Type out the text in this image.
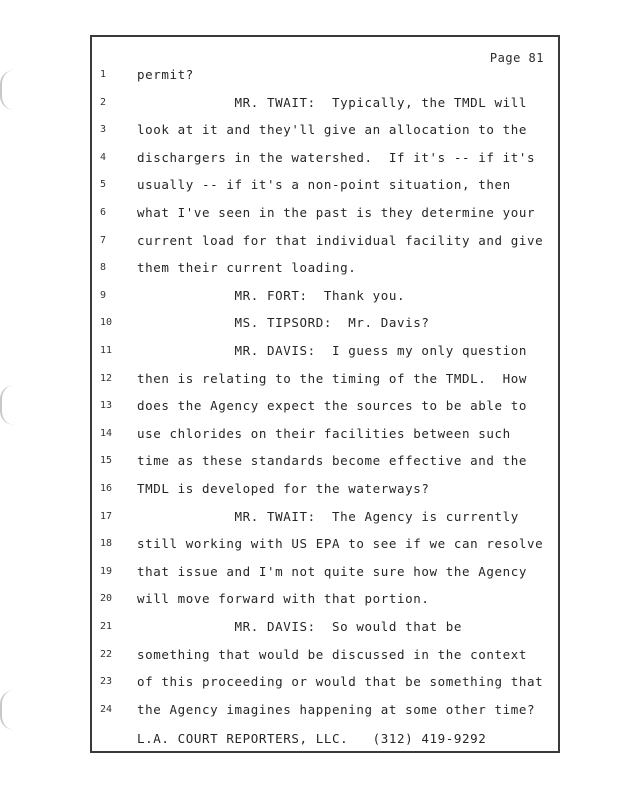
Page 81
1	permit?
2	MR. TWAIT:  Typically, the TMDL will
3	look at it and they'll give an allocation to the
4	dischargers in the watershed.  If it's -- if it's
5	usually -- if it's a non-point situation, then
6	what I've seen in the past is they determine your
7	current load for that individual facility and give
8	them their current loading.
9	MR. FORT:  Thank you.
10	MS. TIPSORD:  Mr. Davis?
11	MR. DAVIS:  I guess my only question
12	then is relating to the timing of the TMDL.  How
13	does the Agency expect the sources to be able to
14	use chlorides on their facilities between such
15	time as these standards become effective and the
16	TMDL is developed for the waterways?
17	MR. TWAIT:  The Agency is currently
18	still working with US EPA to see if we can resolve
19	that issue and I'm not quite sure how the Agency
20	will move forward with that portion.
21	MR. DAVIS:  So would that be
22	something that would be discussed in the context
23	of this proceeding or would that be something that
24	the Agency imagines happening at some other time?
L.A. COURT REPORTERS, LLC.   (312) 419-9292
